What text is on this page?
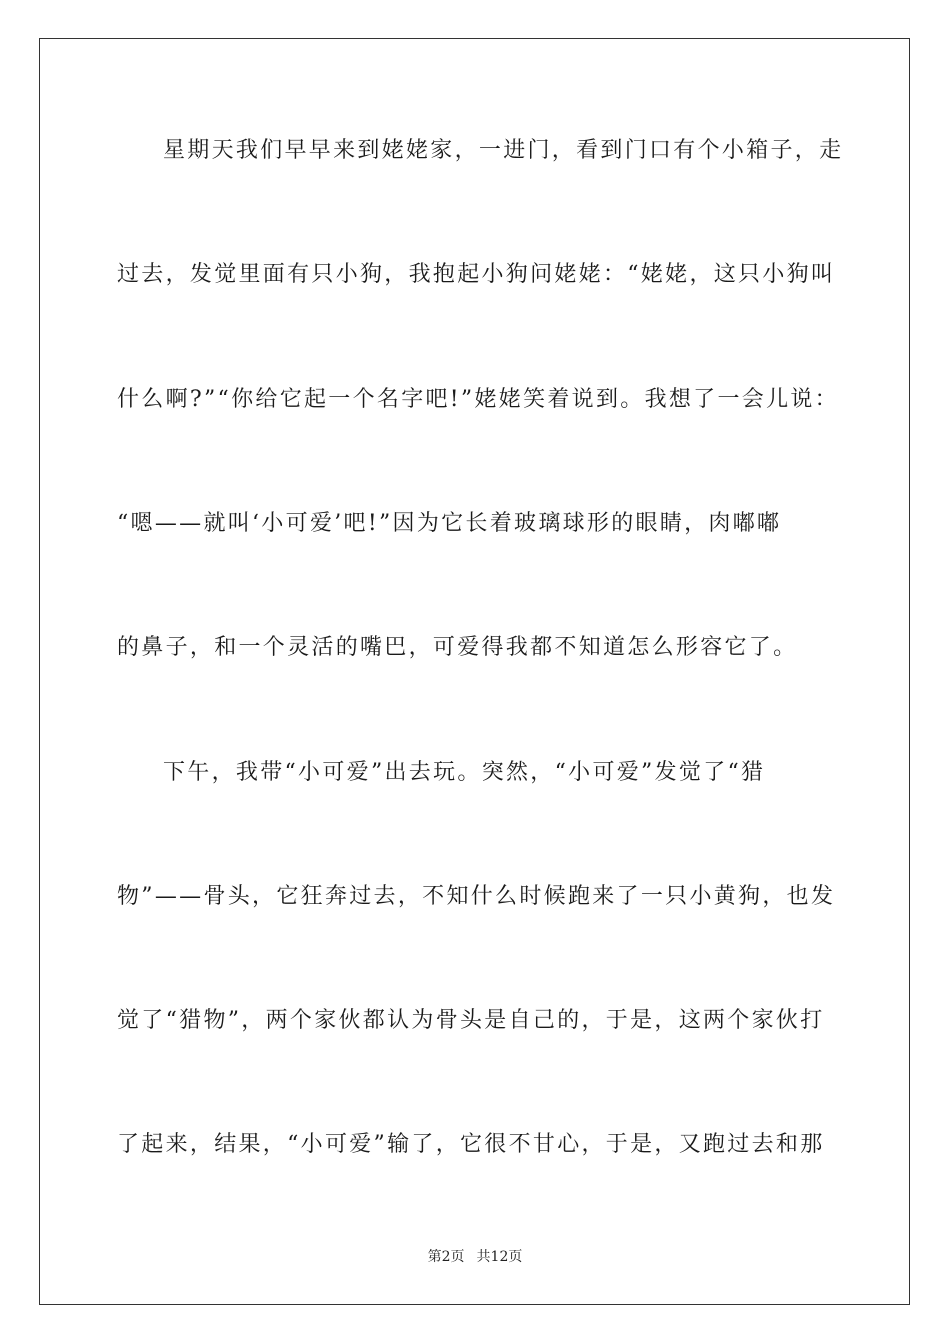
星期天我们早早来到姥姥家，一进门，看到门口有个小箱子，走
过去，发觉里面有只小狗，我抱起小狗问姥姥：“姥姥，这只小狗叫
什么啊?”“你给它起一个名字吧!”姥姥笑着说到。我想了一会儿说：
“嗯——就叫‘小可爱’吧!”因为它长着玻璃球形的眼睛，肉嘟嘟
的鼻子，和一个灵活的嘴巴，可爱得我都不知道怎么形容它了。
下午，我带“小可爱”出去玩。突然，“小可爱”发觉了“猎
物”——骨头，它狂奔过去，不知什么时候跑来了一只小黄狗，也发
觉了“猎物”，两个家伙都认为骨头是自己的，于是，这两个家伙打
了起来，结果，“小可爱”输了，它很不甘心，于是，又跑过去和那
第2页 共12页
